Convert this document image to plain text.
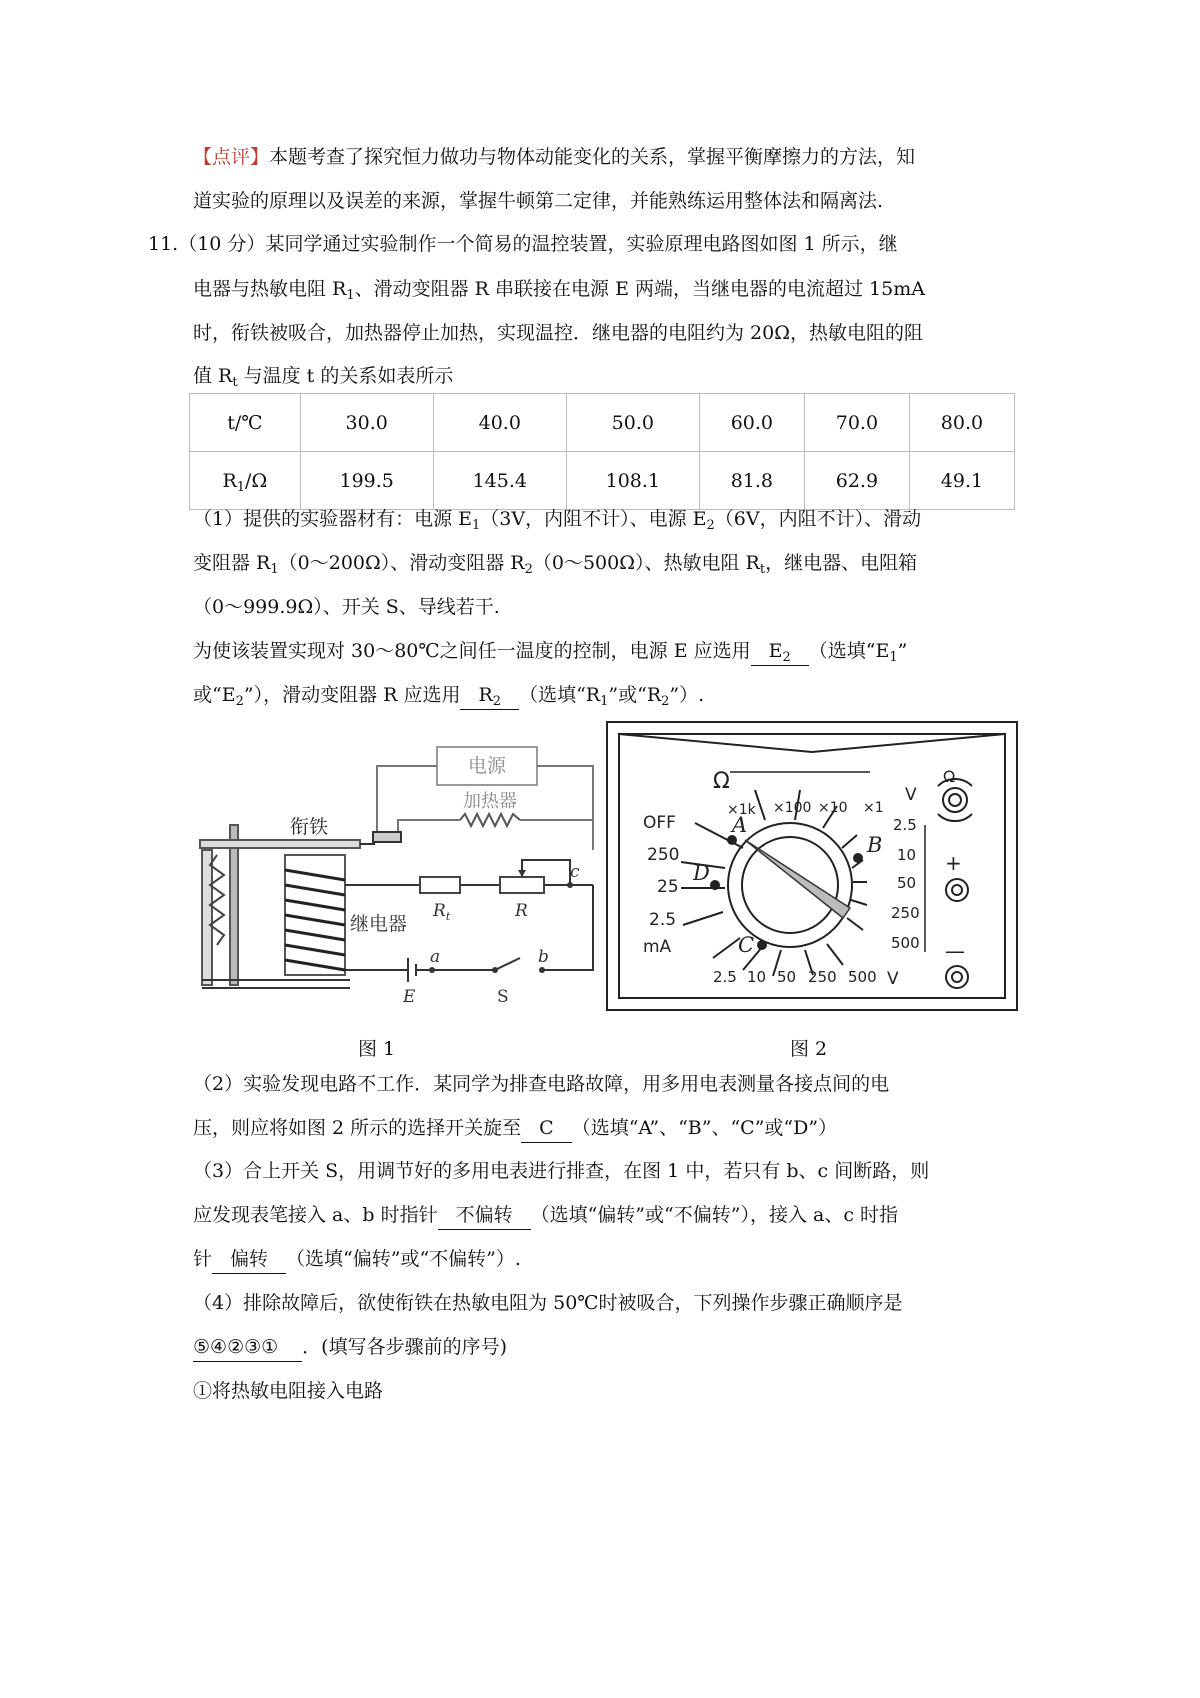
【点评】本题考查了探究恒力做功与物体动能变化的关系，掌握平衡摩擦力的方法，知
道实验的原理以及误差的来源，掌握牛顿第二定律，并能熟练运用整体法和隔离法.
11.（10 分）某同学通过实验制作一个简易的温控装置，实验原理电路图如图 1 所示，继
电器与热敏电阻 $R_1$、滑动变阻器 R 串联接在电源 E 两端，当继电器的电流超过 15mA
时，衔铁被吸合，加热器停止加热，实现温控．继电器的电阻约为 20Ω，热敏电阻的阻
值 $R_t$ 与温度 t 的关系如表所示
t/℃	30.0	40.0	50.0	60.0	70.0	80.0
$R_1/\Omega$	199.5	145.4	108.1	81.8	62.9	49.1
（1）提供的实验器材有：电源 $E_1(3V$，内阻不计）、电源 $E_2(6V$，内阻不计）、滑动
变阻器 $R_1(0\sim 200\Omega)$、滑动变阻器 $R_2(0\sim 500\Omega)$、热敏电阻 $R_t$，继电器、电阻箱
（0～999.9Ω）、开关 S、导线若干.
为使该装置实现对 30～80℃之间任一温度的控制，电源 E 应选用 $E_2$ （选填“$E_1$”
或“$E_2$”），滑动变阻器 R 应选用 $R_2$ （选填“$R_1$”或“$R_2$”）.
电源
加热器
衔铁
继电器
$R_t$	R
c
a	b
E	S
图 1
Ω
×1k ×100 ×10 ×1
OFF
250
25
2.5
mA
V
2.5
10
50
250
500
2.5 10 50 250 500 V
+
—
Ω
A
B
C
D
图 2
（2）实验发现电路不工作．某同学为排查电路故障，用多用电表测量各接点间的电
压，则应将如图 2 所示的选择开关旋至 C （选填“A”、“B”、“C”或“D”）
（3）合上开关 S，用调节好的多用电表进行排查，在图 1 中，若只有 b、c 间断路，则
应发现表笔接入 a、b 时指针 不偏转 （选填“偏转”或“不偏转”），接入 a、c 时指
针 偏转 （选填“偏转”或“不偏转”）.
（4）排除故障后，欲使衔铁在热敏电阻为 50℃时被吸合，下列操作步骤正确顺序是
⑤④②③① ．(填写各步骤前的序号)
①将热敏电阻接入电路
